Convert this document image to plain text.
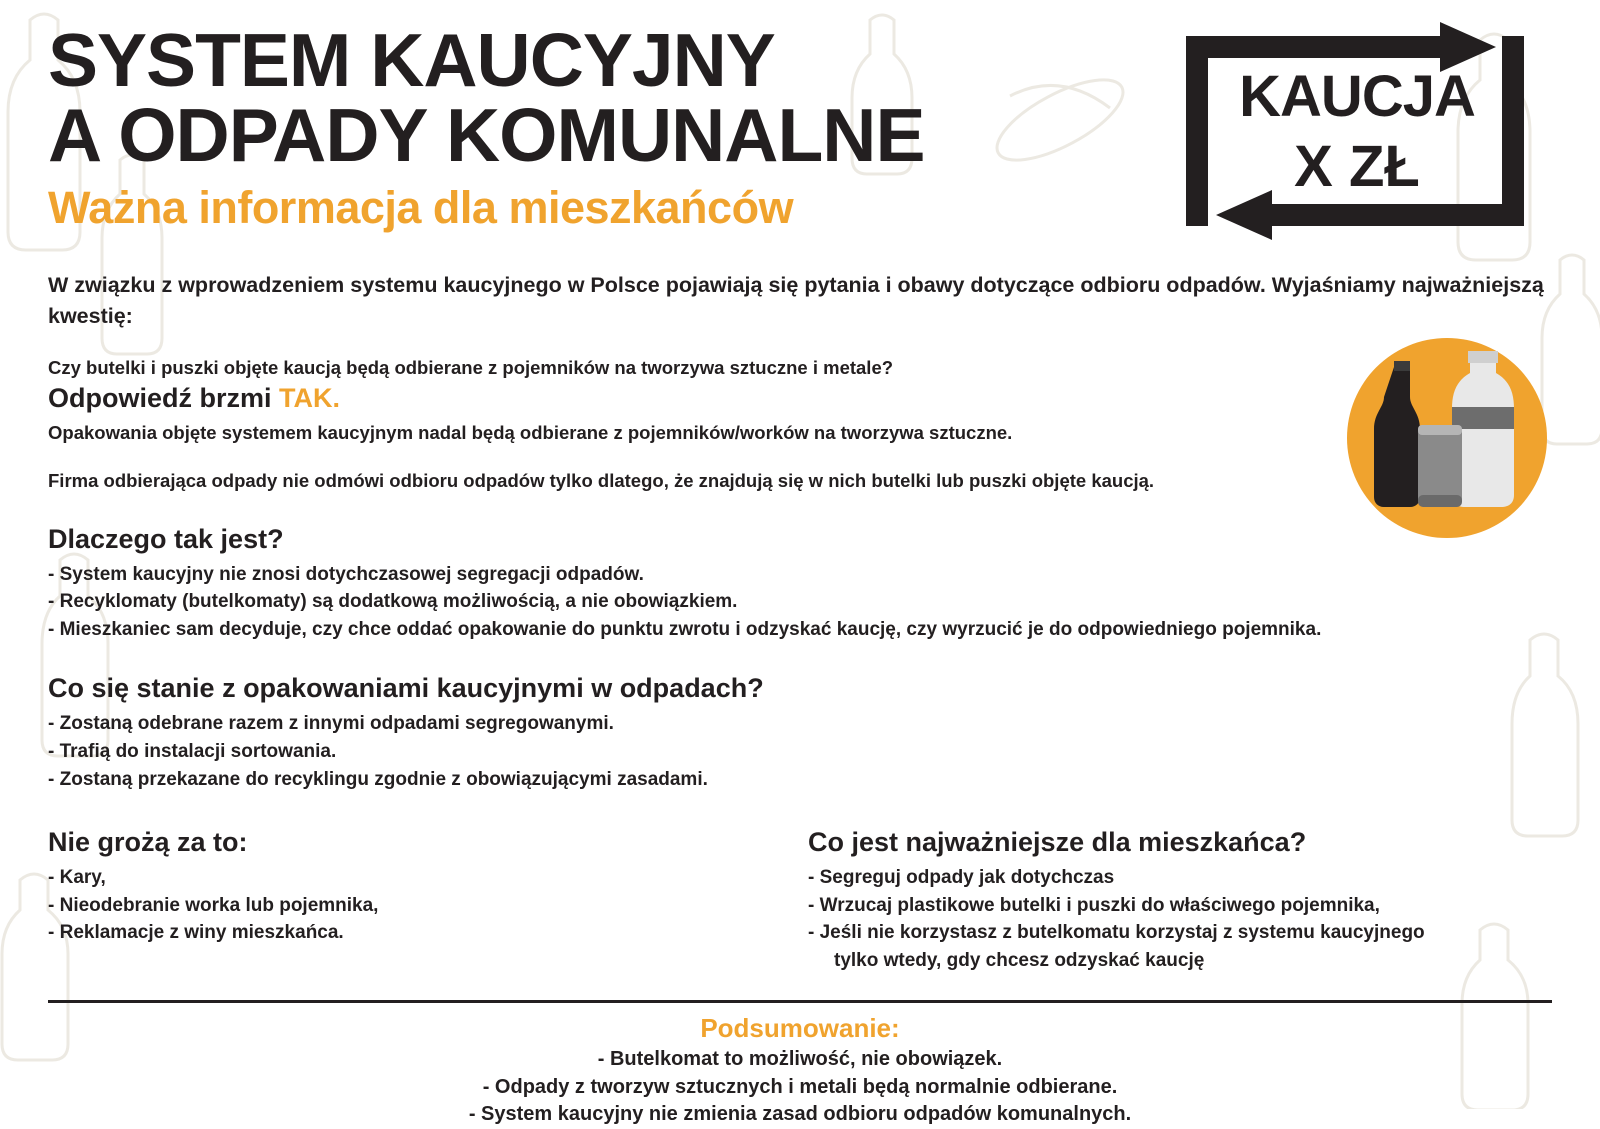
SYSTEM KAUCYJNY
A ODPADY KOMUNALNE
Ważna informacja dla mieszkańców
KAUCJA
X ZŁ

W związku z wprowadzeniem systemu kaucyjnego w Polsce pojawiają się pytania i obawy dotyczące odbioru odpadów. Wyjaśniamy najważniejszą kwestię:

Czy butelki i puszki objęte kaucją będą odbierane z pojemników na tworzywa sztuczne i metale?

Odpowiedź brzmi TAK.

Opakowania objęte systemem kaucyjnym nadal będą odbierane z pojemników/worków na tworzywa sztuczne.

Firma odbierająca odpady nie odmówi odbioru odpadów tylko dlatego, że znajdują się w nich butelki lub puszki objęte kaucją.

Dlaczego tak jest?
- System kaucyjny nie znosi dotychczasowej segregacji odpadów.
- Recyklomaty (butelkomaty) są dodatkową możliwością, a nie obowiązkiem.
- Mieszkaniec sam decyduje, czy chce oddać opakowanie do punktu zwrotu i odzyskać kaucję, czy wyrzucić je do odpowiedniego pojemnika.
Co się stanie z opakowaniami kaucyjnymi w odpadach?
- Zostaną odebrane razem z innymi odpadami segregowanymi.
- Trafią do instalacji sortowania.
- Zostaną przekazane do recyklingu zgodnie z obowiązującymi zasadami.
Nie grożą za to:
- Kary,
- Nieodebranie worka lub pojemnika,
- Reklamacje z winy mieszkańca.
Co jest najważniejsze dla mieszkańca?
- Segreguj odpady jak dotychczas
- Wrzucaj plastikowe butelki i puszki do właściwego pojemnika,
- Jeśli nie korzystasz z butelkomatu korzystaj z systemu kaucyjnego
tylko wtedy, gdy chcesz odzyskać kaucję

Podsumowanie:

- Butelkomat to możliwość, nie obowiązek.

- Odpady z tworzyw sztucznych i metali będą normalnie odbierane.

- System kaucyjny nie zmienia zasad odbioru odpadów komunalnych.
